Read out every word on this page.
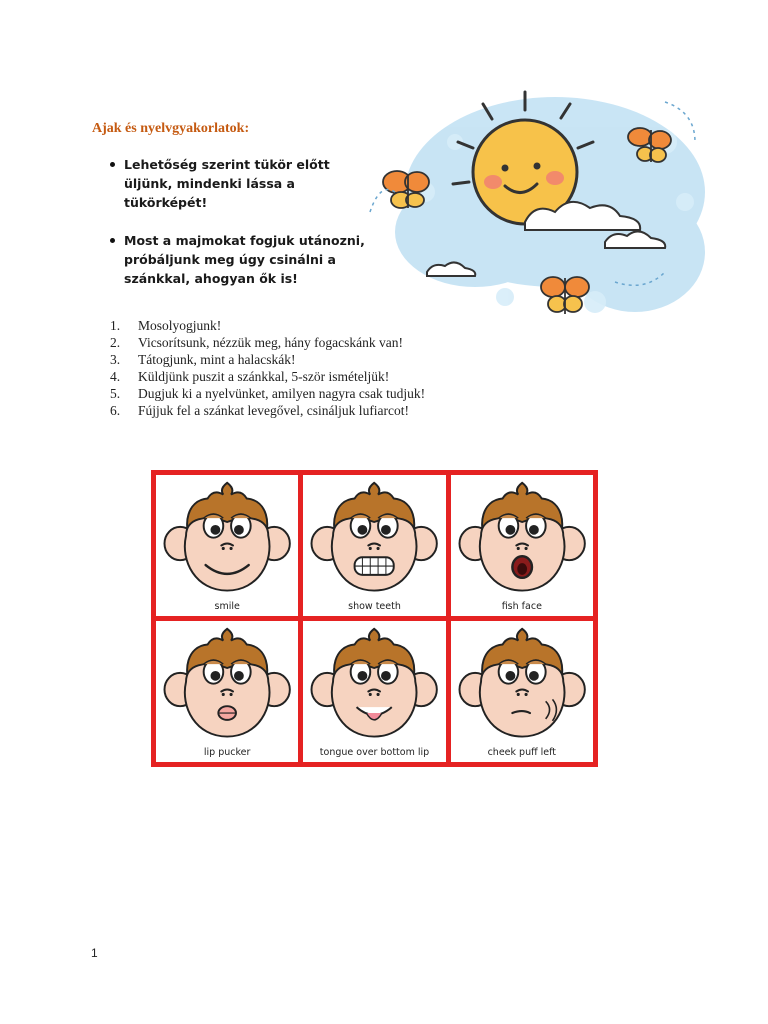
Ajak és nyelvgyakorlatok:
Lehetőség szerint tükör előtt üljünk, mindenki lássa a tükörképét!
Most a majmokat fogjuk utánozni, próbáljunk meg úgy csinálni a szánkkal, ahogyan ők is!
1. Mosolyogjunk!
2. Vicsorítsunk, nézzük meg, hány fogacskánk van!
3. Tátogjunk, mint a halacskák!
4. Küldjünk puszit a szánkkal, 5-ször ismételjük!
5. Dugjuk ki a nyelvünket, amilyen nagyra csak tudjuk!
6. Fújjuk fel a szánkat levegővel, csináljuk lufiarcot!
smile	show teeth	fish face
lip pucker	tongue over bottom lip	cheek puff left
1
